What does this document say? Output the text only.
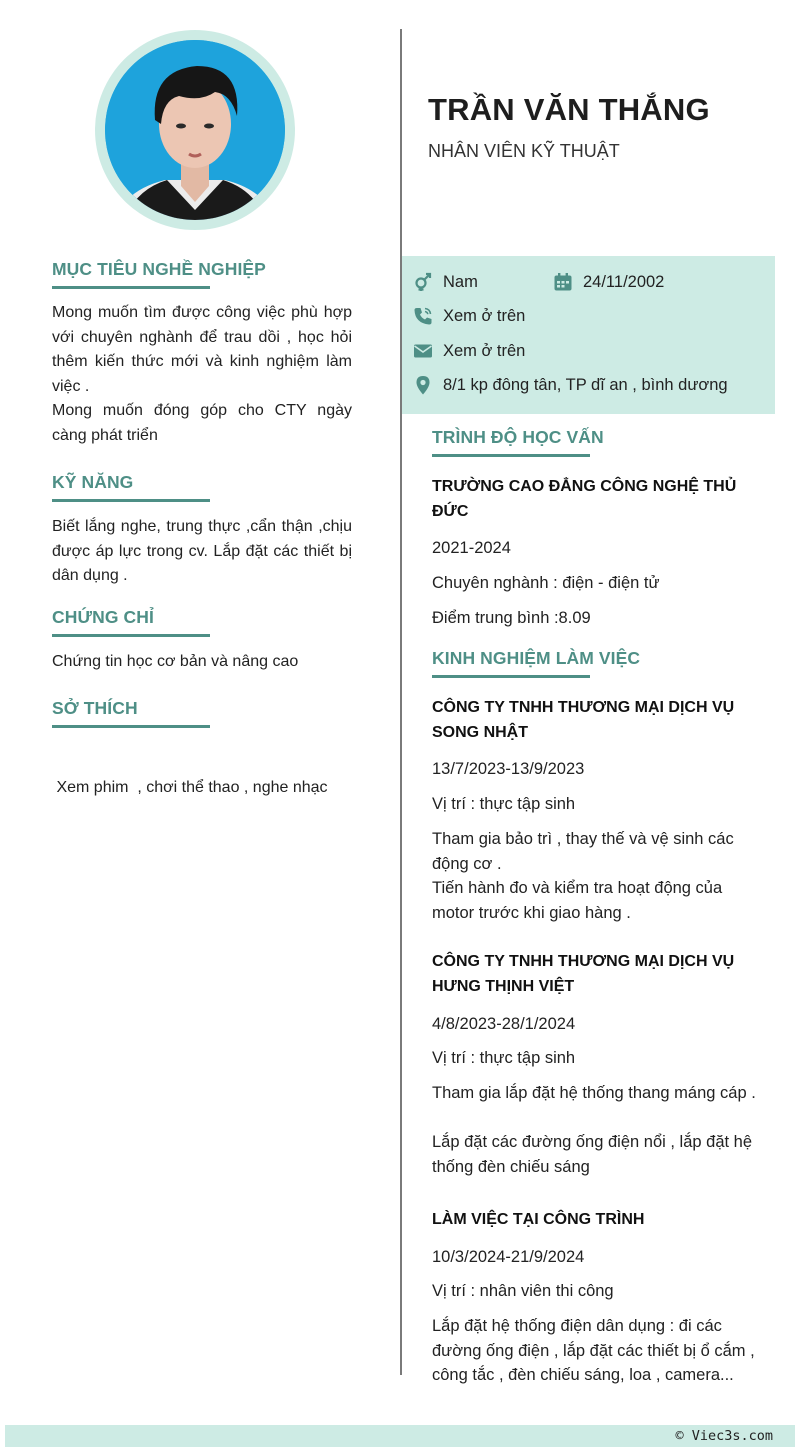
MỤC TIÊU NGHỀ NGHIỆP

Mong muốn tìm được công việc phù hợp với chuyên nghành để trau dồi , học hỏi thêm kiến thức mới và kinh nghiệm làm việc .

Mong muốn đóng góp cho CTY ngày càng phát triển

KỸ NĂNG

Biết lắng nghe, trung thực ,cẩn thận ,chịu được áp lực trong cv. Lắp đặt các thiết bị dân dụng .

CHỨNG CHỈ

Chứng tin học cơ bản và nâng cao

SỞ THÍCH

Xem phim  , chơi thể thao , nghe nhạc

TRẦN VĂN THẮNG
NHÂN VIÊN KỸ THUẬT
Nam	24/11/2002
Xem ở trên
Xem ở trên
8/1 kp đông tân, TP dĩ an , bình dương
TRÌNH ĐỘ HỌC VẤN
TRƯỜNG CAO ĐẲNG CÔNG NGHỆ THỦ ĐỨC
2021-2024
Chuyên nghành : điện - điện tử
Điểm trung bình :8.09
KINH NGHIỆM LÀM VIỆC
CÔNG TY TNHH THƯƠNG MẠI DỊCH VỤ SONG NHẬT
13/7/2023-13/9/2023
Vị trí : thực tập sinh
Tham gia bảo trì , thay thế và vệ sinh các động cơ .
Tiến hành đo và kiểm tra hoạt động của motor trước khi giao hàng .
CÔNG TY TNHH THƯƠNG MẠI DỊCH VỤ HƯNG THỊNH VIỆT
4/8/2023-28/1/2024
Vị trí : thực tập sinh
Tham gia lắp đặt hệ thống thang máng cáp .
Lắp đặt các đường ống điện nổi , lắp đặt hệ thống đèn chiếu sáng
LÀM VIỆC TẠI CÔNG TRÌNH
10/3/2024-21/9/2024
Vị trí : nhân viên thi công
Lắp đặt hệ thống điện dân dụng : đi các đường ống điện , lắp đặt các thiết bị ổ cắm , công tắc , đèn chiếu sáng, loa , camera...
© Viec3s.com
